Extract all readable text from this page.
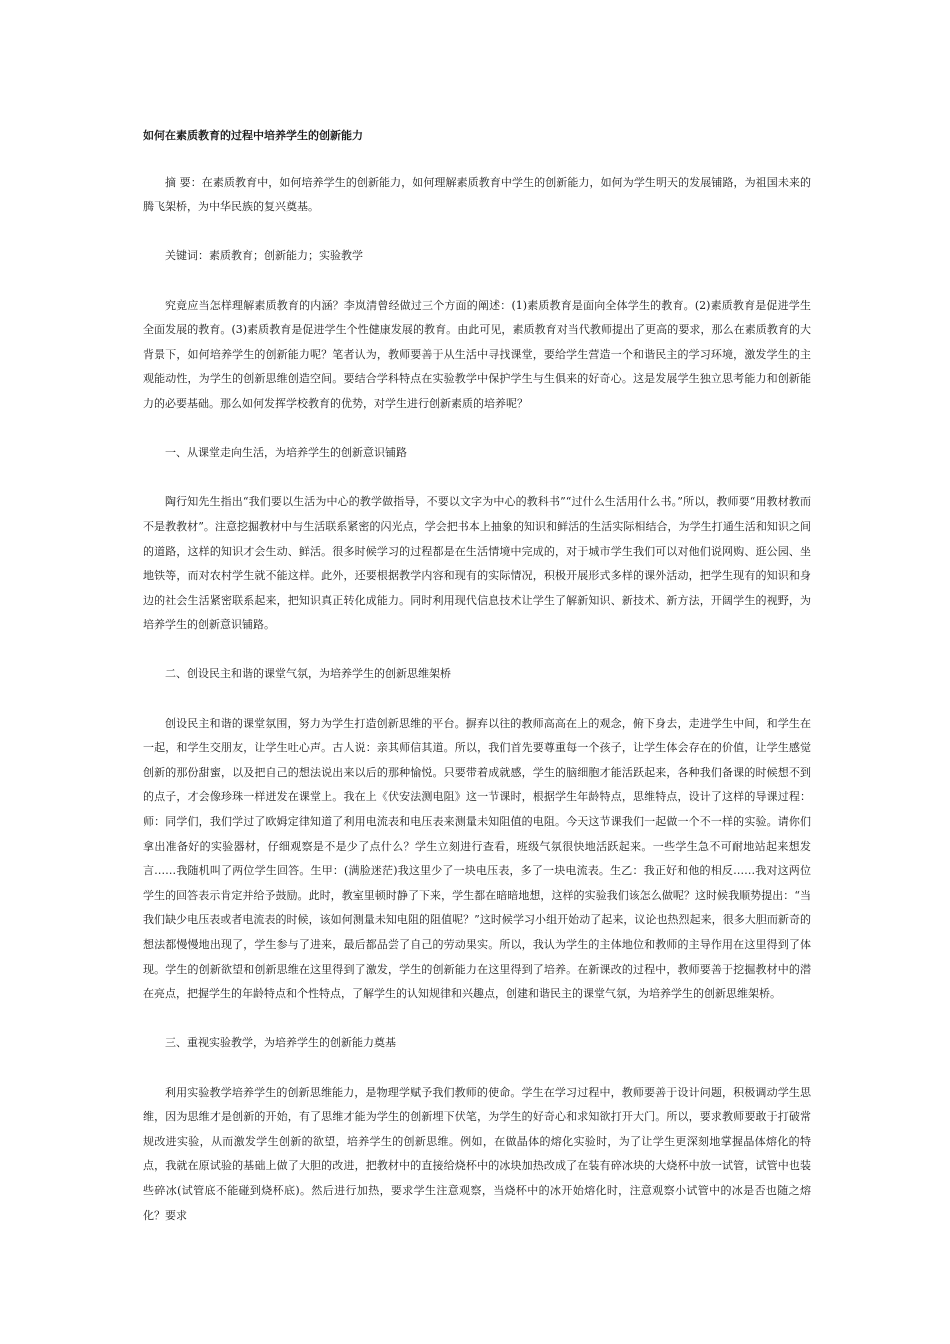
如何在素质教育的过程中培养学生的创新能力

摘 要：在素质教育中，如何培养学生的创新能力，如何理解素质教育中学生的创新能力，如何为学生明天的发展铺路，为祖国未来的腾飞架桥，为中华民族的复兴奠基。

关键词：素质教育；创新能力；实验教学

究竟应当怎样理解素质教育的内涵？李岚清曾经做过三个方面的阐述：(1)素质教育是面向全体学生的教育。(2)素质教育是促进学生全面发展的教育。(3)素质教育是促进学生个性健康发展的教育。由此可见，素质教育对当代教师提出了更高的要求，那么在素质教育的大背景下，如何培养学生的创新能力呢？笔者认为，教师要善于从生活中寻找课堂，要给学生营造一个和谐民主的学习环境，激发学生的主观能动性，为学生的创新思维创造空间。要结合学科特点在实验教学中保护学生与生俱来的好奇心。这是发展学生独立思考能力和创新能力的必要基础。那么如何发挥学校教育的优势，对学生进行创新素质的培养呢？

一、从课堂走向生活，为培养学生的创新意识铺路

陶行知先生指出“我们要以生活为中心的教学做指导，不要以文字为中心的教科书”“过什么生活用什么书。”所以，教师要“用教材教而不是教教材”。注意挖掘教材中与生活联系紧密的闪光点，学会把书本上抽象的知识和鲜活的生活实际相结合，为学生打通生活和知识之间的道路，这样的知识才会生动、鲜活。很多时候学习的过程都是在生活情境中完成的，对于城市学生我们可以对他们说网购、逛公园、坐地铁等，而对农村学生就不能这样。此外，还要根据教学内容和现有的实际情况，积极开展形式多样的课外活动，把学生现有的知识和身边的社会生活紧密联系起来，把知识真正转化成能力。同时利用现代信息技术让学生了解新知识、新技术、新方法，开阔学生的视野，为培养学生的创新意识铺路。

二、创设民主和谐的课堂气氛，为培养学生的创新思维架桥

创设民主和谐的课堂氛围，努力为学生打造创新思维的平台。摒弃以往的教师高高在上的观念，俯下身去，走进学生中间，和学生在一起，和学生交朋友，让学生吐心声。古人说：亲其师信其道。所以，我们首先要尊重每一个孩子，让学生体会存在的价值，让学生感觉创新的那份甜蜜，以及把自己的想法说出来以后的那种愉悦。只要带着成就感，学生的脑细胞才能活跃起来，各种我们备课的时候想不到的点子，才会像珍珠一样迸发在课堂上。我在上《伏安法测电阻》这一节课时，根据学生年龄特点，思维特点，设计了这样的导课过程：师：同学们，我们学过了欧姆定律知道了利用电流表和电压表来测量未知阻值的电阻。今天这节课我们一起做一个不一样的实验。请你们拿出准备好的实验器材，仔细观察是不是少了点什么？学生立刻进行查看，班级气氛很快地活跃起来。一些学生急不可耐地站起来想发言……我随机叫了两位学生回答。生甲：(满脸迷茫)我这里少了一块电压表，多了一块电流表。生乙：我正好和他的相反……我对这两位学生的回答表示肯定并给予鼓励。此时，教室里顿时静了下来，学生都在暗暗地想，这样的实验我们该怎么做呢？这时候我顺势提出：“当我们缺少电压表或者电流表的时候，该如何测量未知电阻的阻值呢？”这时候学习小组开始动了起来，议论也热烈起来，很多大胆而新奇的想法都慢慢地出现了，学生参与了进来，最后都品尝了自己的劳动果实。所以，我认为学生的主体地位和教师的主导作用在这里得到了体现。学生的创新欲望和创新思维在这里得到了激发，学生的创新能力在这里得到了培养。在新课改的过程中，教师要善于挖掘教材中的潜在亮点，把握学生的年龄特点和个性特点，了解学生的认知规律和兴趣点，创建和谐民主的课堂气氛，为培养学生的创新思维架桥。

三、重视实验教学，为培养学生的创新能力奠基

利用实验教学培养学生的创新思维能力，是物理学赋予我们教师的使命。学生在学习过程中，教师要善于设计问题，积极调动学生思维，因为思维才是创新的开始，有了思维才能为学生的创新埋下伏笔，为学生的好奇心和求知欲打开大门。所以，要求教师要敢于打破常规改进实验，从而激发学生创新的欲望，培养学生的创新思维。例如，在做晶体的熔化实验时，为了让学生更深刻地掌握晶体熔化的特点，我就在原试验的基础上做了大胆的改进，把教材中的直接给烧杯中的冰块加热改成了在装有碎冰块的大烧杯中放一试管，试管中也装些碎冰(试管底不能碰到烧杯底)。然后进行加热，要求学生注意观察，当烧杯中的冰开始熔化时，注意观察小试管中的冰是否也随之熔化？要求
